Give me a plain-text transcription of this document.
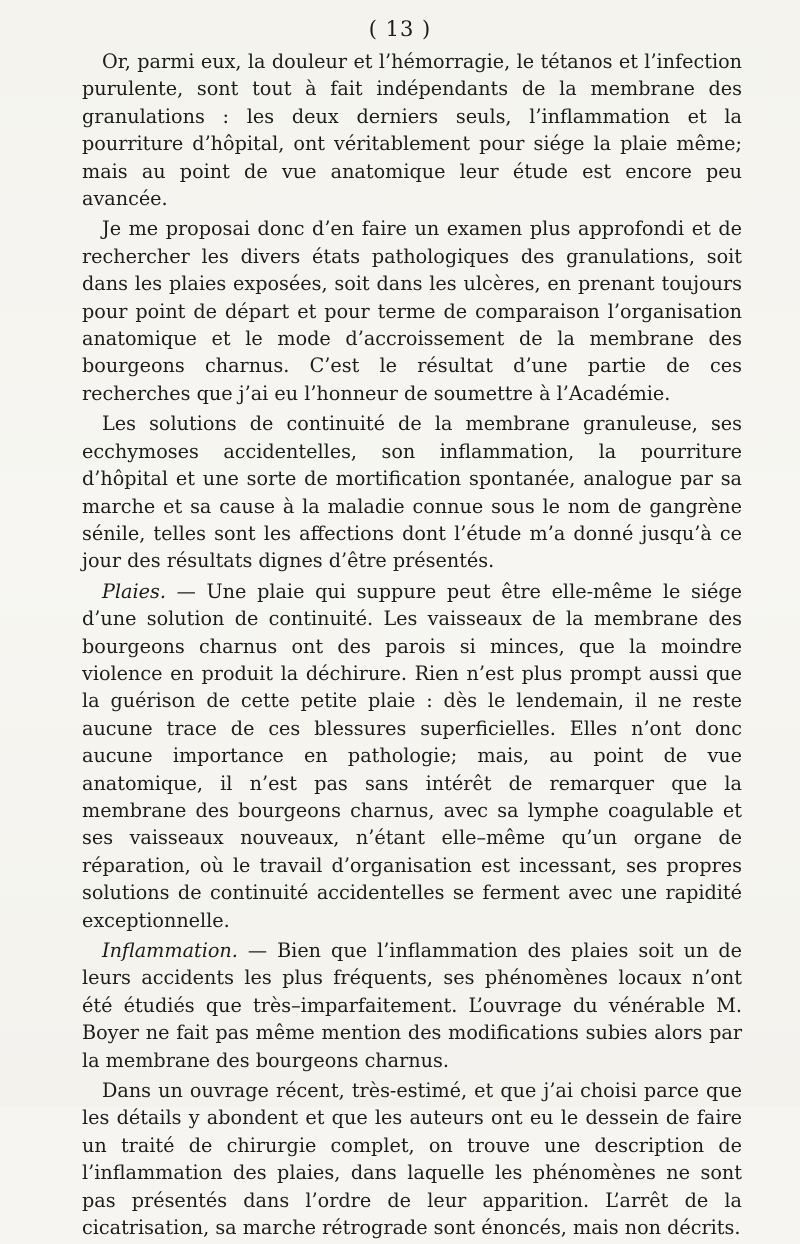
( 13 )

Or, parmi eux, la douleur et l’hémorragie, le tétanos et l’infection purulente, sont tout à fait indépendants de la membrane des granulations : les deux derniers seuls, l’inflammation et la pourriture d’hôpital, ont véritablement pour siége la plaie même; mais au point de vue anatomique leur étude est encore peu avancée.

Je me proposai donc d’en faire un examen plus approfondi et de rechercher les divers états pathologiques des granulations, soit dans les plaies exposées, soit dans les ulcères, en prenant toujours pour point de départ et pour terme de comparaison l’organisation anatomique et le mode d’accroissement de la membrane des bourgeons charnus. C’est le résultat d’une partie de ces recherches que j’ai eu l’honneur de soumettre à l’Académie.

Les solutions de continuité de la membrane granuleuse, ses ecchymoses accidentelles, son inflammation, la pourriture d’hôpital et une sorte de mortification spontanée, analogue par sa marche et sa cause à la maladie connue sous le nom de gangrène sénile, telles sont les affections dont l’étude m’a donné jusqu’à ce jour des résultats dignes d’être présentés.

Plaies. — Une plaie qui suppure peut être elle-même le siége d’une solution de continuité. Les vaisseaux de la membrane des bourgeons charnus ont des parois si minces, que la moindre violence en produit la déchirure. Rien n’est plus prompt aussi que la guérison de cette petite plaie : dès le lendemain, il ne reste aucune trace de ces blessures superficielles. Elles n’ont donc aucune importance en pathologie; mais, au point de vue anatomique, il n’est pas sans intérêt de remarquer que la membrane des bourgeons charnus, avec sa lymphe coagulable et ses vaisseaux nouveaux, n’étant elle–même qu’un organe de réparation, où le travail d’organisation est incessant, ses propres solutions de continuité accidentelles se ferment avec une rapidité exceptionnelle.

Inflammation. — Bien que l’inflammation des plaies soit un de leurs accidents les plus fréquents, ses phénomènes locaux n’ont été étudiés que très–imparfaitement. L’ouvrage du vénérable M. Boyer ne fait pas même mention des modifications subies alors par la membrane des bourgeons charnus.

Dans un ouvrage récent, très-estimé, et que j’ai choisi parce que les détails y abondent et que les auteurs ont eu le dessein de faire un traité de chirurgie complet, on trouve une description de l’inflammation des plaies, dans laquelle les phénomènes ne sont pas présentés dans l’ordre de leur apparition. L’arrêt de la cicatrisation, sa marche rétrograde sont énoncés, mais non décrits.
